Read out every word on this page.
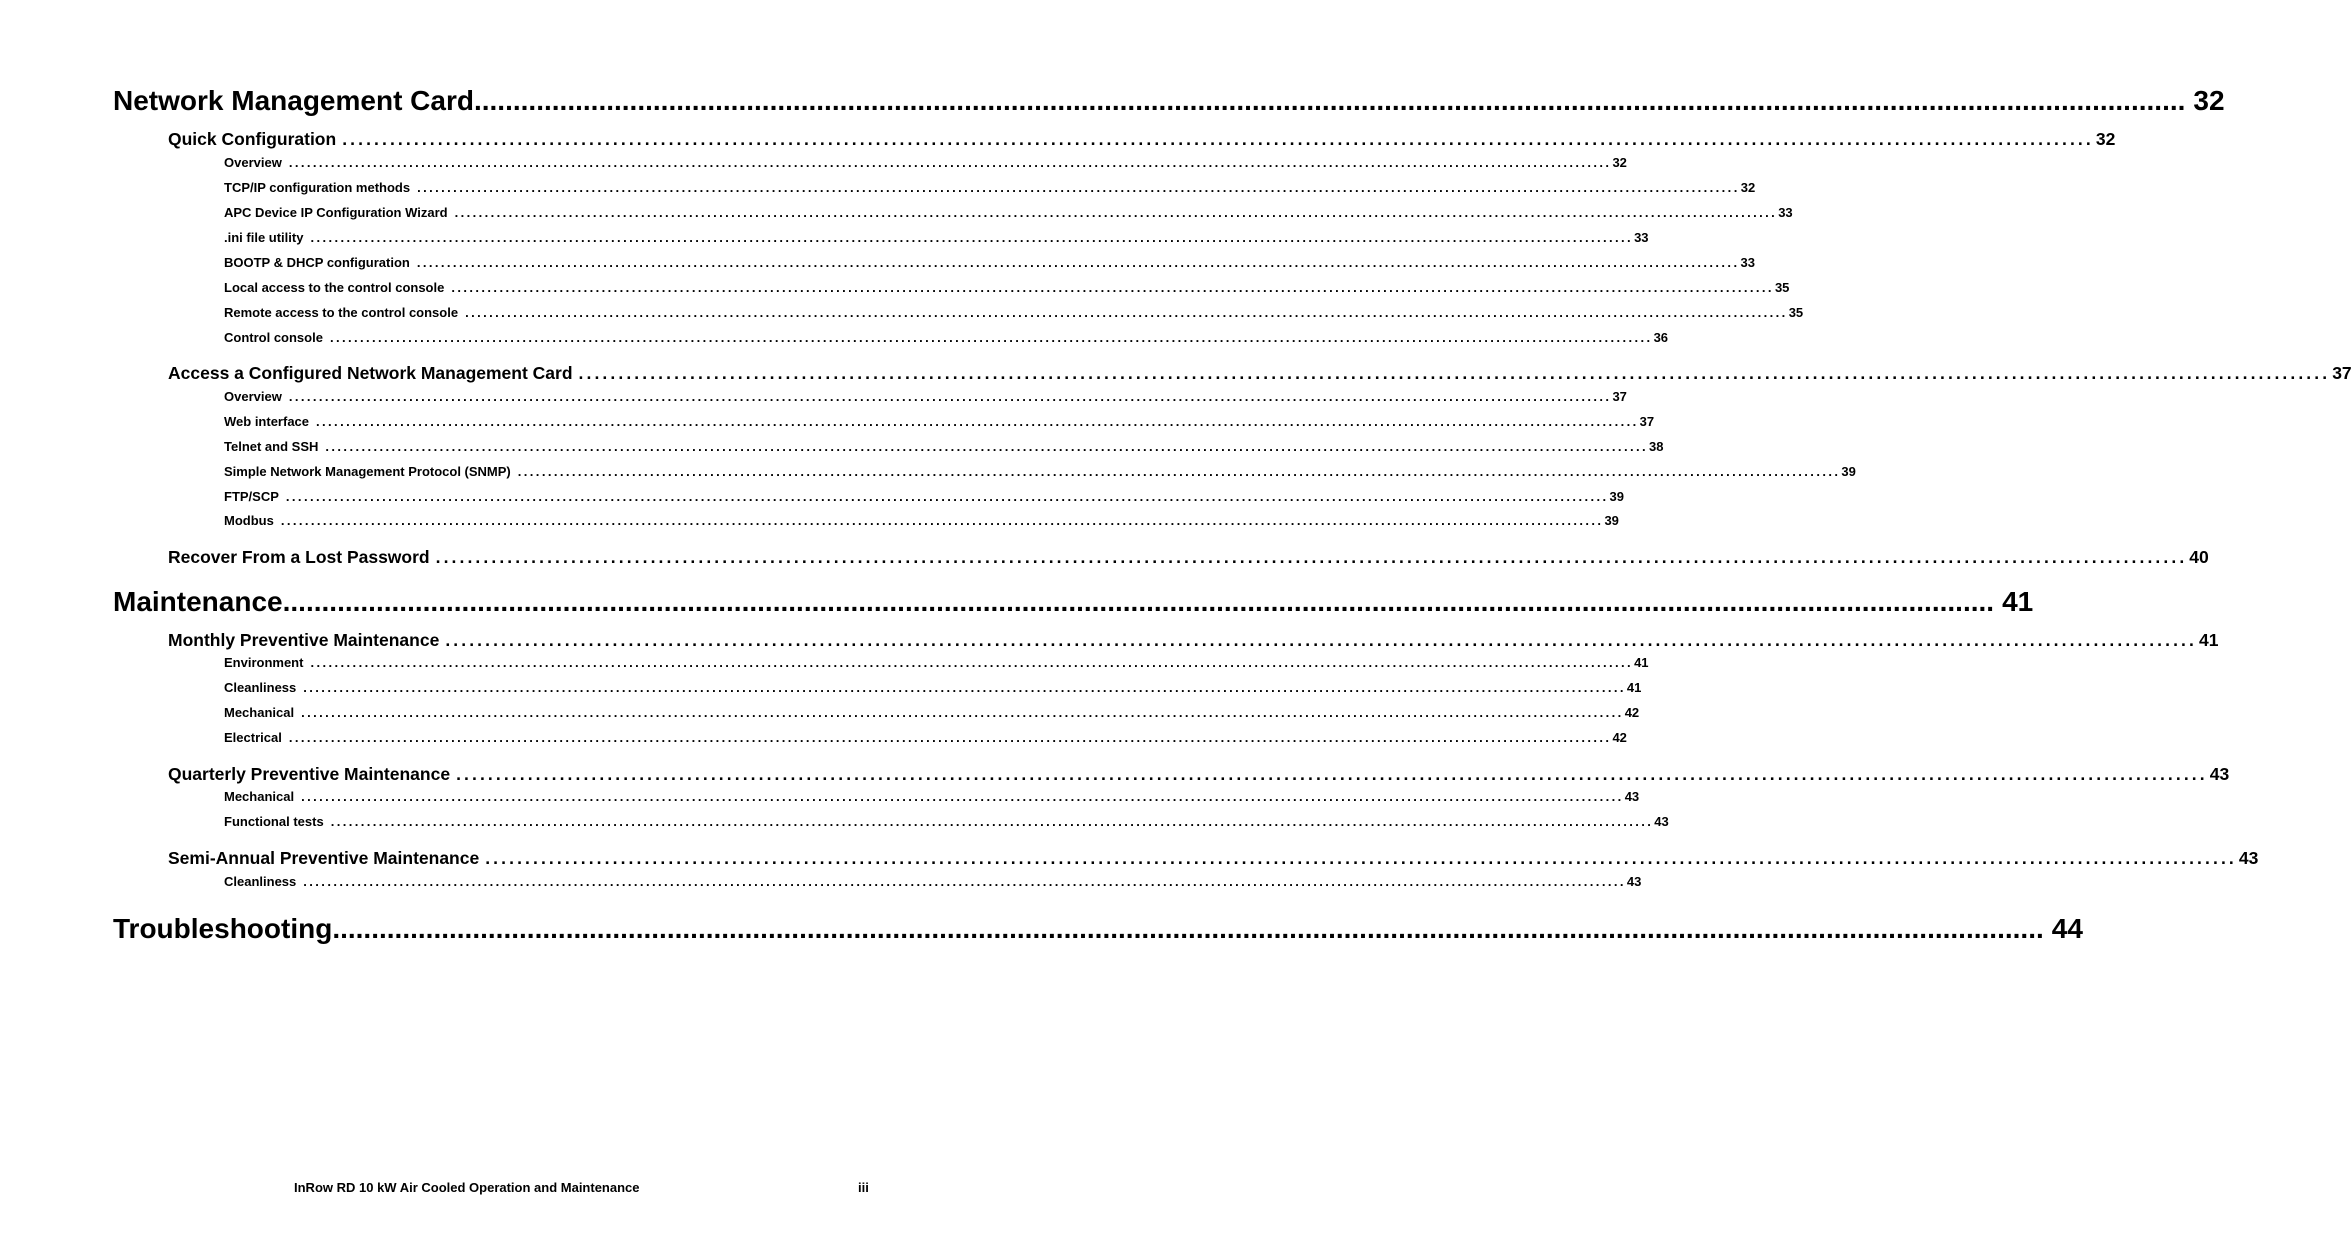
Network Management Card ............................................................................................................................................................................................................................ 32
Quick Configuration ............................................................................................................................................................................................................................ 32
Overview ............................................................................................................................................................................................................................ 32
TCP/IP configuration methods ............................................................................................................................................................................................................................ 32
APC Device IP Configuration Wizard ............................................................................................................................................................................................................................ 33
.ini file utility ............................................................................................................................................................................................................................ 33
BOOTP & DHCP configuration ............................................................................................................................................................................................................................ 33
Local access to the control console ............................................................................................................................................................................................................................ 35
Remote access to the control console ............................................................................................................................................................................................................................ 35
Control console ............................................................................................................................................................................................................................ 36
Access a Configured Network Management Card ............................................................................................................................................................................................................................ 37
Overview ............................................................................................................................................................................................................................ 37
Web interface ............................................................................................................................................................................................................................ 37
Telnet and SSH ............................................................................................................................................................................................................................ 38
Simple Network Management Protocol (SNMP) ............................................................................................................................................................................................................................ 39
FTP/SCP ............................................................................................................................................................................................................................ 39
Modbus ............................................................................................................................................................................................................................ 39
Recover From a Lost Password ............................................................................................................................................................................................................................ 40
Maintenance ............................................................................................................................................................................................................................ 41
Monthly Preventive Maintenance ............................................................................................................................................................................................................................ 41
Environment ............................................................................................................................................................................................................................ 41
Cleanliness ............................................................................................................................................................................................................................ 41
Mechanical ............................................................................................................................................................................................................................ 42
Electrical ............................................................................................................................................................................................................................ 42
Quarterly Preventive Maintenance ............................................................................................................................................................................................................................ 43
Mechanical ............................................................................................................................................................................................................................ 43
Functional tests ............................................................................................................................................................................................................................ 43
Semi-Annual Preventive Maintenance ............................................................................................................................................................................................................................ 43
Cleanliness ............................................................................................................................................................................................................................ 43
Troubleshooting ............................................................................................................................................................................................................................ 44
InRow RD 10 kW Air Cooled Operation and Maintenance	iii
